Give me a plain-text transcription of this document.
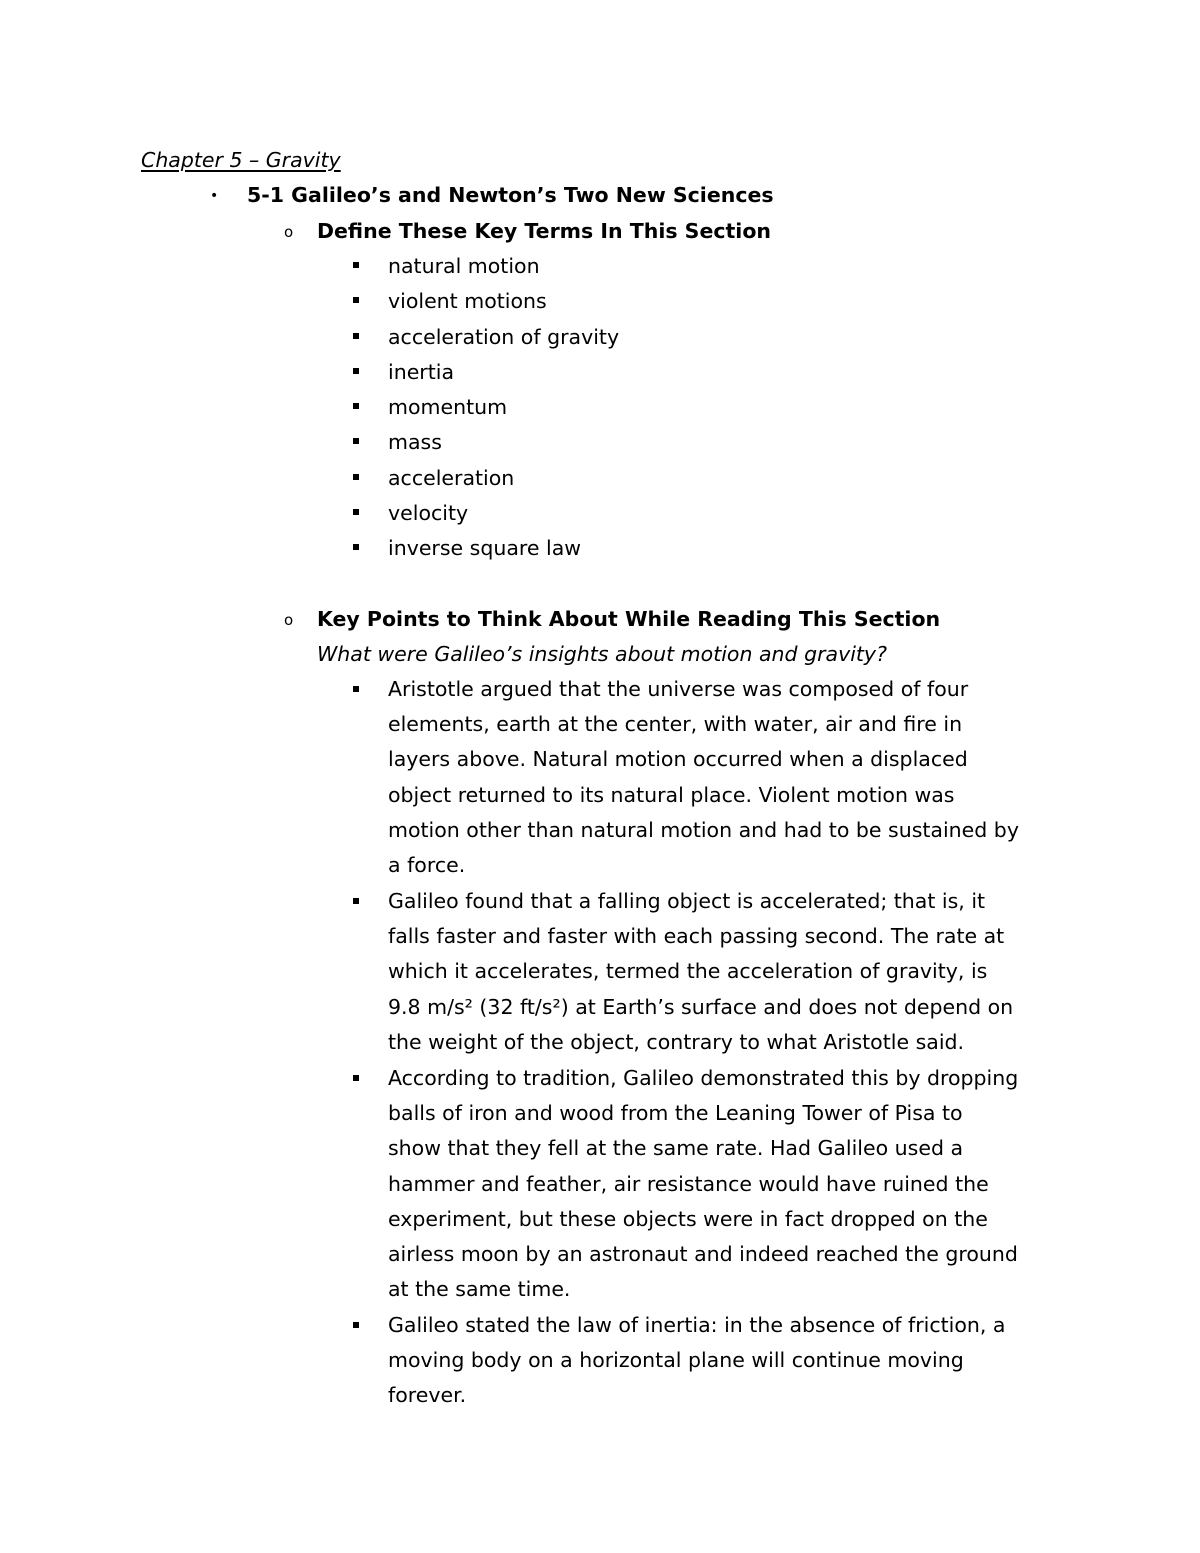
Chapter 5 – Gravity
• 5-1 Galileo’s and Newton’s Two New Sciences
o Define These Key Terms In This Section
natural motion
violent motions
acceleration of gravity
inertia
momentum
mass
acceleration
velocity
inverse square law
o Key Points to Think About While Reading This Section
What were Galileo’s insights about motion and gravity?
Aristotle argued that the universe was composed of four
elements, earth at the center, with water, air and fire in
layers above. Natural motion occurred when a displaced
object returned to its natural place. Violent motion was
motion other than natural motion and had to be sustained by
a force.
Galileo found that a falling object is accelerated; that is, it
falls faster and faster with each passing second. The rate at
which it accelerates, termed the acceleration of gravity, is
9.8 m/s² (32 ft/s²) at Earth’s surface and does not depend on
the weight of the object, contrary to what Aristotle said.
According to tradition, Galileo demonstrated this by dropping
balls of iron and wood from the Leaning Tower of Pisa to
show that they fell at the same rate. Had Galileo used a
hammer and feather, air resistance would have ruined the
experiment, but these objects were in fact dropped on the
airless moon by an astronaut and indeed reached the ground
at the same time.
Galileo stated the law of inertia: in the absence of friction, a
moving body on a horizontal plane will continue moving
forever.
